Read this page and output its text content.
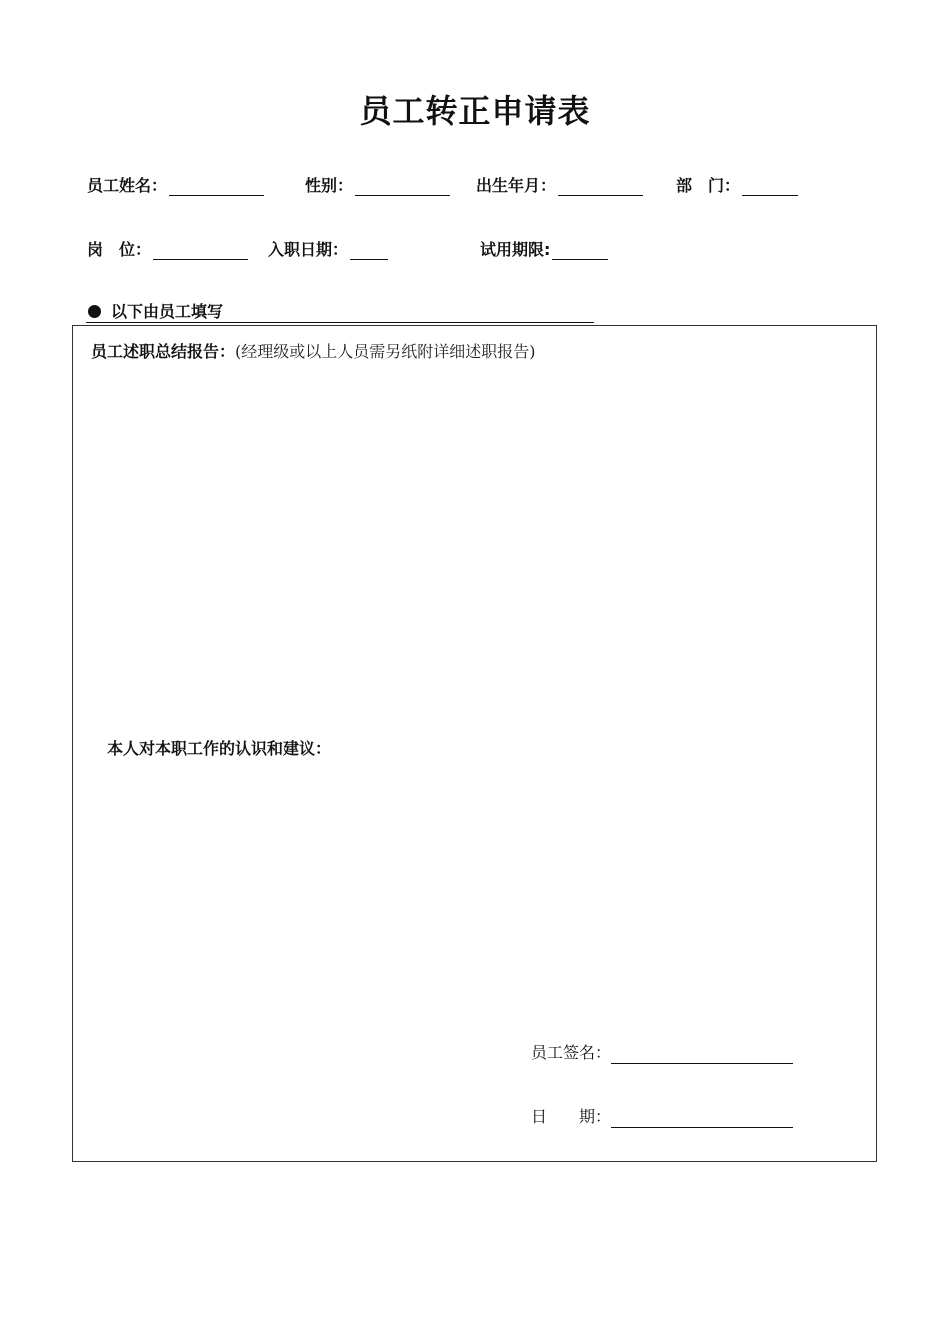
员工转正申请表
员工姓名：	性别：	出生年月：	部　门：
岗　位：	入职日期：	试用期限:
以下由员工填写
员工述职总结报告：(经理级或以上人员需另纸附详细述职报告)
本人对本职工作的认识和建议：
员工签名：
日　　期：
